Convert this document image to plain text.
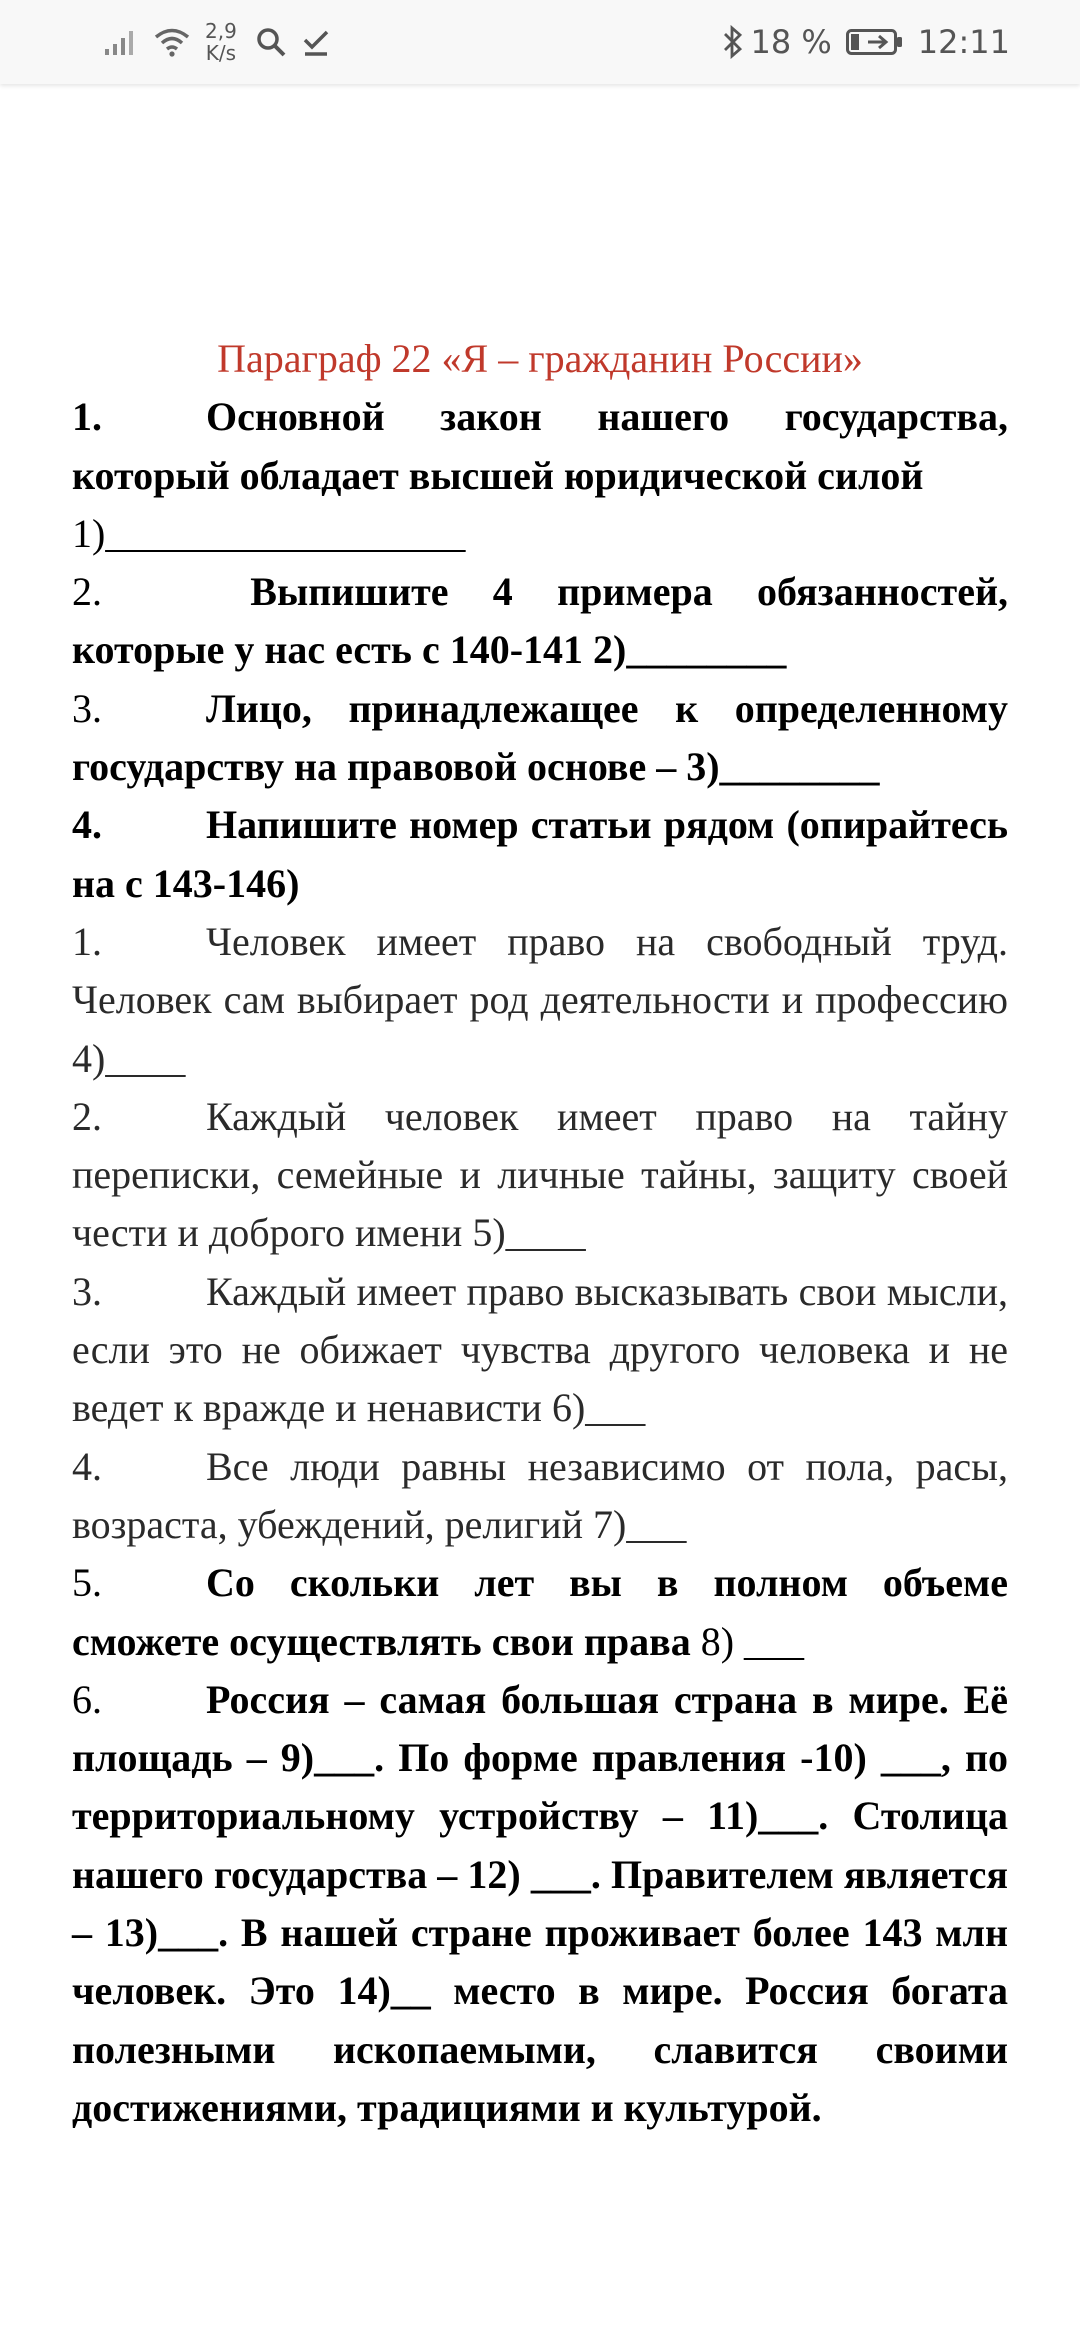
2,9
K/s	18 %	12:11

Параграф 22 «Я – гражданин России»

1.	Основной закон нашего государства, который обладает высшей юридической силой

1)__________________

2.	Выпишите 4 примера обязанностей, которые у нас есть с 140-141 2)________

3.	Лицо, принадлежащее к определенному государству на правовой основе – 3)________

4.	Напишите номер статьи рядом (опирайтесь на с 143-146)

1.	Человек имеет право на свободный труд. Человек сам выбирает род деятельности и профессию 4)____

2.	Каждый человек имеет право на тайну переписки, семейные и личные тайны, защиту своей чести и доброго имени 5)____

3.	Каждый имеет право высказывать свои мысли, если это не обижает чувства другого человека и не ведет к вражде и ненависти 6)___

4.	Все люди равны независимо от пола, расы, возраста, убеждений, религий 7)___

5.	Со скольки лет вы в полном объеме сможете осуществлять свои права 8) ___

6.	Россия – самая большая страна в мире. Её площадь – 9)___. По форме правления -10) ___, по территориальному устройству – 11)___. Столица нашего государства – 12) ___. Правителем является – 13)___. В нашей стране проживает более 143 млн человек. Это 14)__ место в мире. Россия богата полезными ископаемыми, славится своими достижениями, традициями и культурой.
